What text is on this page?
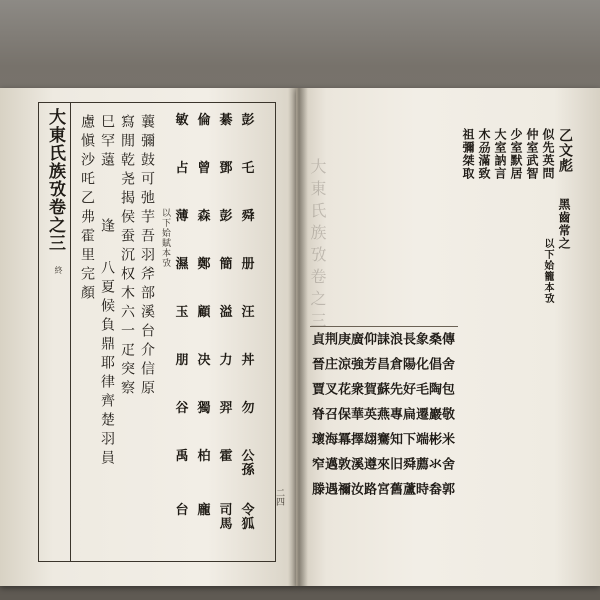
大東氏族攷卷之三
終	蘘彌鼓可弛芋吾羽斧部溪台介信原
寫閒乾尧揭侯蚕沉权木六一疋突察
巳罕薳
逢
八夏候負鼎耶律齊楚羽員
慮愼沙吒乙弗霍里完顏	以下姶賦本攷
彭
乇
舜
册
汪
丼
勿
公孫
令狐
綦
鄧
彭
簡
溢
力
羿
霍
司馬
倫
曾
森
鄭
顧
决
獨
柏
龐
敏
占
薄
濕
玉
朋
谷
禹
台
二四
大東氏族攷卷之三
乙文彪
黑齒常之
以下姶籠本攷
似先英問
仲室武智
少室默居
大室訥言
木刕滿致
祖彌桀取
傳舍包敬米舍郭
桑倡陶巖彬氺畚
象化毛遷端薦時
長陽好扁下舜蘆
浪倉先專知旧舊
誄昌蘇燕騫來宮
仰芳賀英翃遵路
廣強衆華擇溪汝
庚涼花保冪敦禰
荆庄叉召海邁遇
貞晉賈脊瓌窄滕
